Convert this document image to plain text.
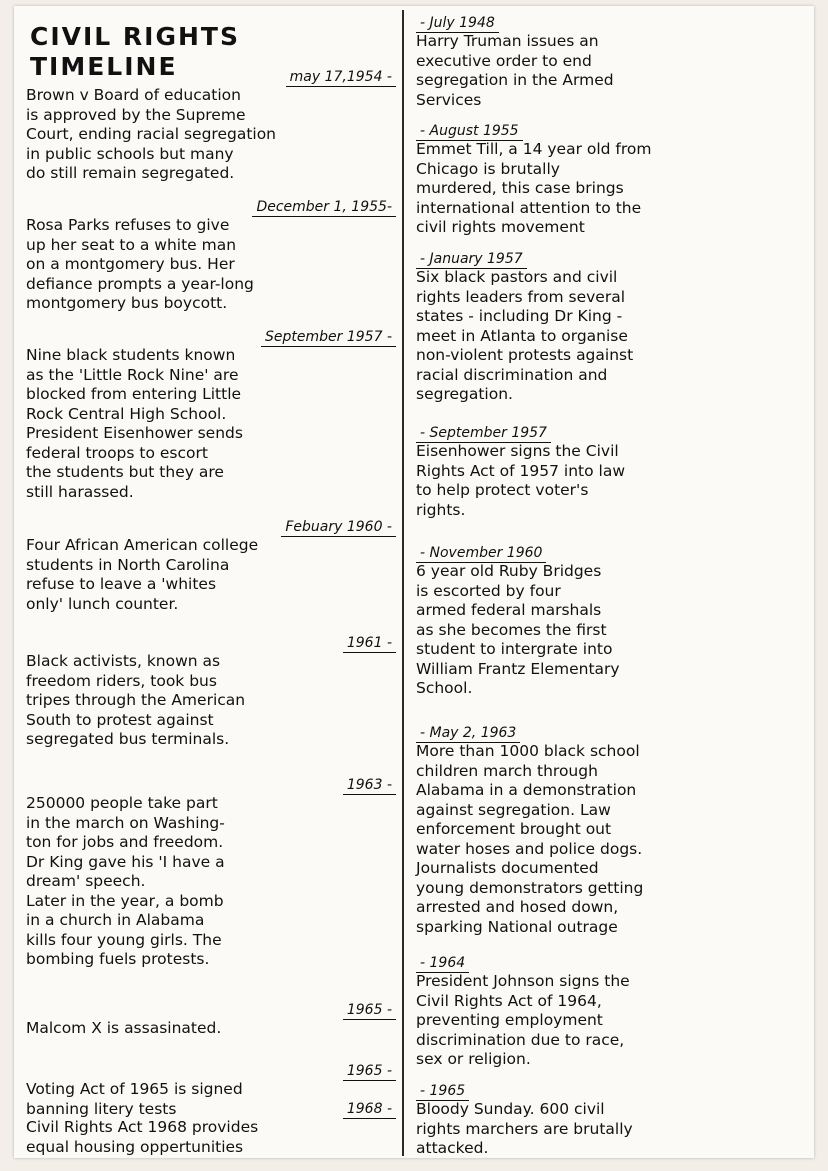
CIVIL RIGHTS
TIMELINE	may 17,1954 -
Brown v Board of education
is approved by the Supreme
Court, ending racial segregation
in public schools but many
do still remain segregated.
December 1, 1955-
Rosa Parks refuses to give
up her seat to a white man
on a montgomery bus. Her
defiance prompts a year-long
montgomery bus boycott.
September 1957 -
Nine black students known
as the 'Little Rock Nine' are
blocked from entering Little
Rock Central High School.
President Eisenhower sends
federal troops to escort
the students but they are
still harassed.
Febuary 1960 -
Four African American college
students in North Carolina
refuse to leave a 'whites
only' lunch counter.
1961 -
Black activists, known as
freedom riders, took bus
tripes through the American
South to protest against
segregated bus terminals.
1963 -
250000 people take part
in the march on Washing-
ton for jobs and freedom.
Dr King gave his 'I have a
dream' speech.
Later in the year, a bomb
in a church in Alabama
kills four young girls. The
bombing fuels protests.
1965 -
Malcom X is assasinated.
1965 -
Voting Act of 1965 is signed
banning litery tests	1968 -
Civil Rights Act 1968 provides
equal housing oppertunities
- July 1948
Harry Truman issues an
executive order to end
segregation in the Armed
Services
- August 1955
Emmet Till, a 14 year old from
Chicago is brutally
murdered, this case brings
international attention to the
civil rights movement
- January 1957
Six black pastors and civil
rights leaders from several
states - including Dr King -
meet in Atlanta to organise
non-violent protests against
racial discrimination and
segregation.
- September 1957
Eisenhower signs the Civil
Rights Act of 1957 into law
to help protect voter's
rights.
- November 1960
6 year old Ruby Bridges
is escorted by four
armed federal marshals
as she becomes the first
student to intergrate into
William Frantz Elementary
School.
- May 2, 1963
More than 1000 black school
children march through
Alabama in a demonstration
against segregation. Law
enforcement brought out
water hoses and police dogs.
Journalists documented
young demonstrators getting
arrested and hosed down,
sparking National outrage
- 1964
President Johnson signs the
Civil Rights Act of 1964,
preventing employment
discrimination due to race,
sex or religion.
- 1965
Bloody Sunday. 600 civil
rights marchers are brutally
attacked.
